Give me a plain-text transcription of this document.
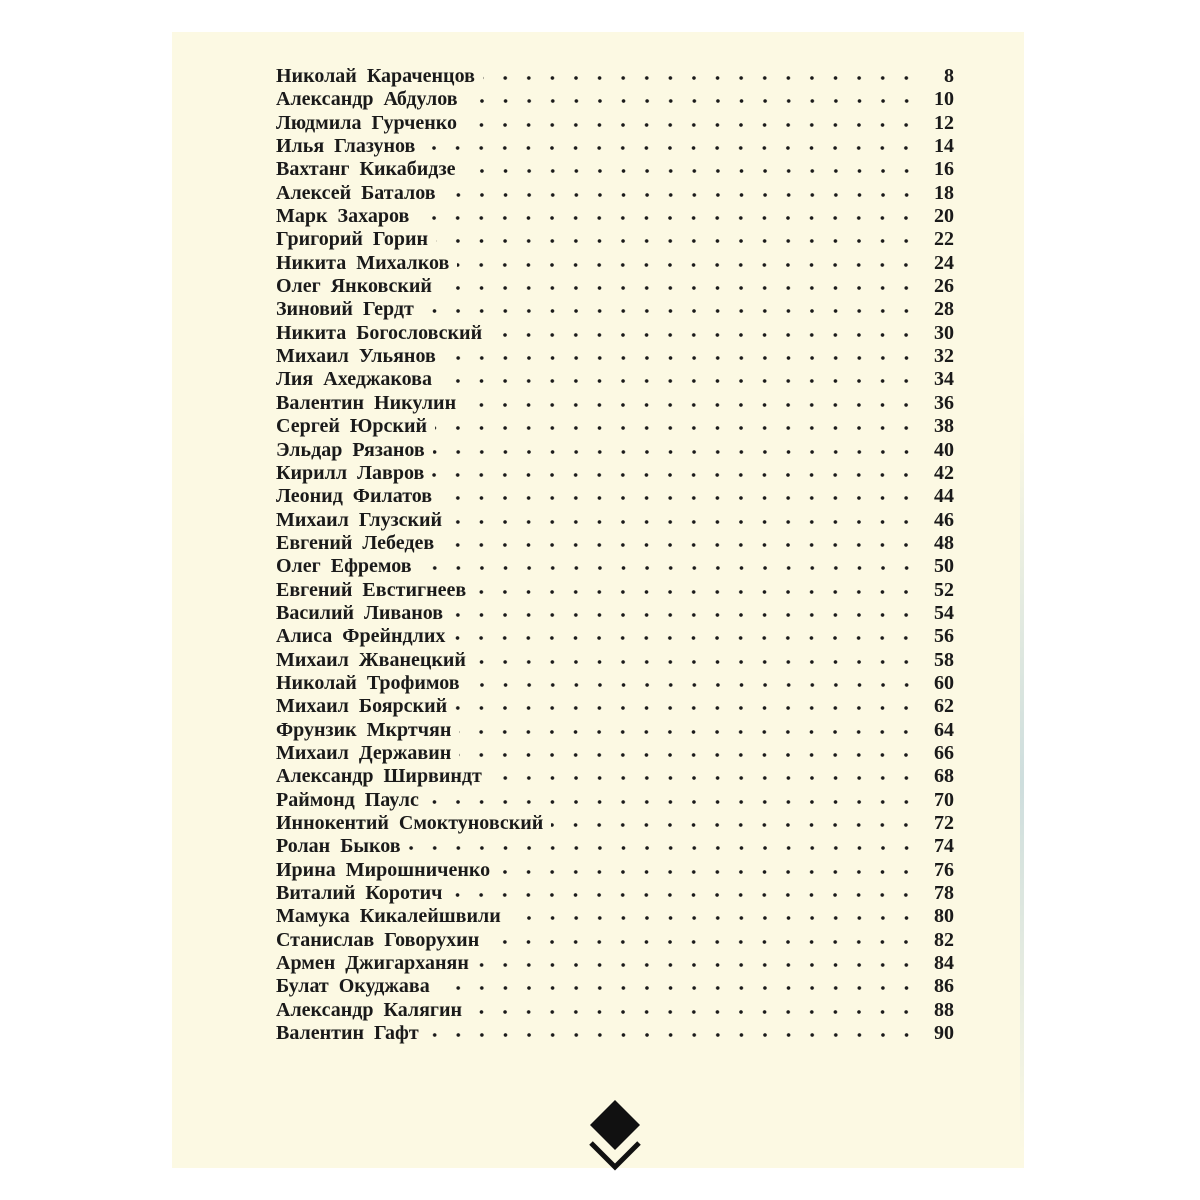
Николай Караченцов	8
Александр Абдулов	10
Людмила Гурченко	12
Илья Глазунов	14
Вахтанг Кикабидзе	16
Алексей Баталов	18
Марк Захаров	20
Григорий Горин	22
Никита Михалков	24
Олег Янковский	26
Зиновий Гердт	28
Никита Богословский	30
Михаил Ульянов	32
Лия Ахеджакова	34
Валентин Никулин	36
Сергей Юрский	38
Эльдар Рязанов	40
Кирилл Лавров	42
Леонид Филатов	44
Михаил Глузский	46
Евгений Лебедев	48
Олег Ефремов	50
Евгений Евстигнеев	52
Василий Ливанов	54
Алиса Фрейндлих	56
Михаил Жванецкий	58
Николай Трофимов	60
Михаил Боярский	62
Фрунзик Мкртчян	64
Михаил Державин	66
Александр Ширвиндт	68
Раймонд Паулс	70
Иннокентий Смоктуновский	72
Ролан Быков	74
Ирина Мирошниченко	76
Виталий Коротич	78
Мамука Кикалейшвили	80
Станислав Говорухин	82
Армен Джигарханян	84
Булат Окуджава	86
Александр Калягин	88
Валентин Гафт	90
